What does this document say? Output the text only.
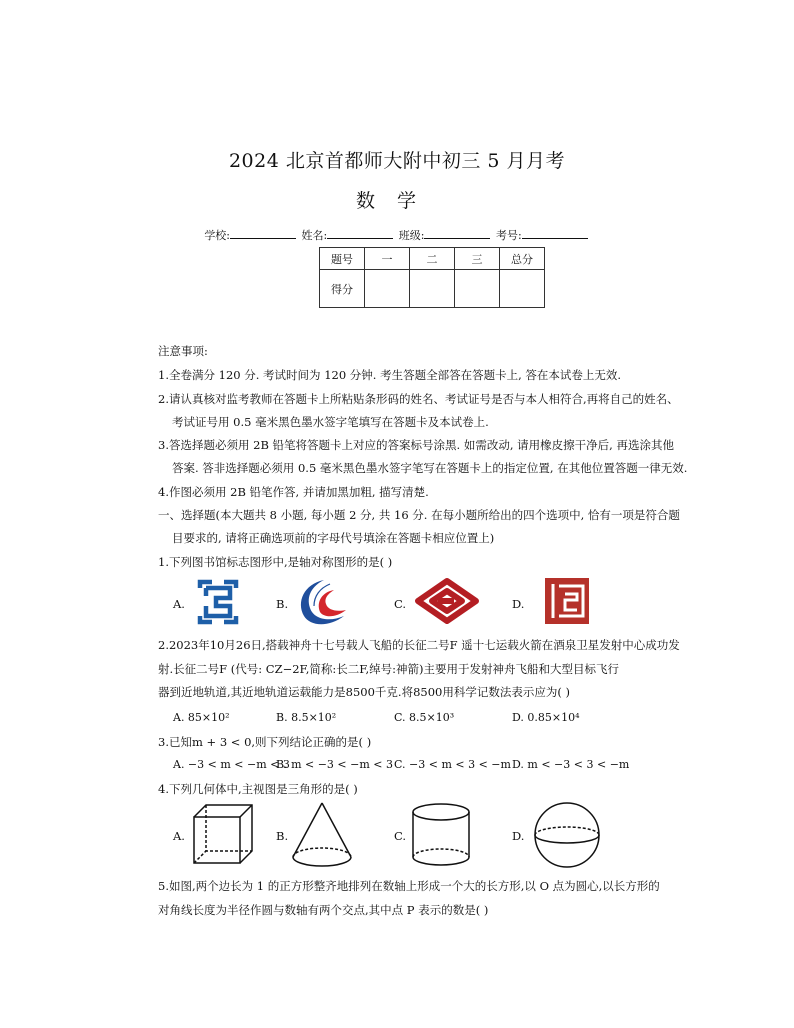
2024 北京首都师大附中初三 5 月月考
数学
学校:	姓名:	班级:	考号:
题号	一	二	三	总分
得分				
注意事项:
1.全卷满分 120 分. 考试时间为 120 分钟. 考生答题全部答在答题卡上, 答在本试卷上无效.
2.请认真核对监考教师在答题卡上所粘贴条形码的姓名、考试证号是否与本人相符合,再将自己的姓名、
考试证号用 0.5 毫米黑色墨水签字笔填写在答题卡及本试卷上.
3.答选择题必须用 2B 铅笔将答题卡上对应的答案标号涂黑. 如需改动, 请用橡皮擦干净后, 再选涂其他
答案. 答非选择题必须用 0.5 毫米黑色墨水签字笔写在答题卡上的指定位置, 在其他位置答题一律无效.
4.作图必须用 2B 铅笔作答, 并请加黑加粗, 描写清楚.
一、选择题(本大题共 8 小题, 每小题 2 分, 共 16 分. 在每小题所给出的四个选项中, 恰有一项是符合题
目要求的, 请将正确选项前的字母代号填涂在答题卡相应位置上)
1.下列图书馆标志图形中,是轴对称图形的是( )
A.	B.	C.	D.
2.2023年10月26日,搭载神舟十七号载人飞船的长征二号F 遥十七运载火箭在酒泉卫星发射中心成功发
射.长征二号F (代号: CZ−2F,简称:长二F,绰号:神箭)主要用于发射神舟飞船和大型目标飞行
器到近地轨道,其近地轨道运载能力是8500千克.将8500用科学记数法表示应为( )
A. 85×10²	B. 8.5×10²	C. 8.5×10³	D. 0.85×10⁴
3.已知m + 3 < 0,则下列结论正确的是( )
A. −3 < m < −m < 3
B. m < −3 < −m < 3 C. −3 < m < 3 < −m D. m < −3 < 3 < −m
4.下列几何体中,主视图是三角形的是( )
A.	B.	C.	D.
5.如图,两个边长为 1 的正方形整齐地排列在数轴上形成一个大的长方形,以 O 点为圆心,以长方形的
对角线长度为半径作圆与数轴有两个交点,其中点 P 表示的数是( )
